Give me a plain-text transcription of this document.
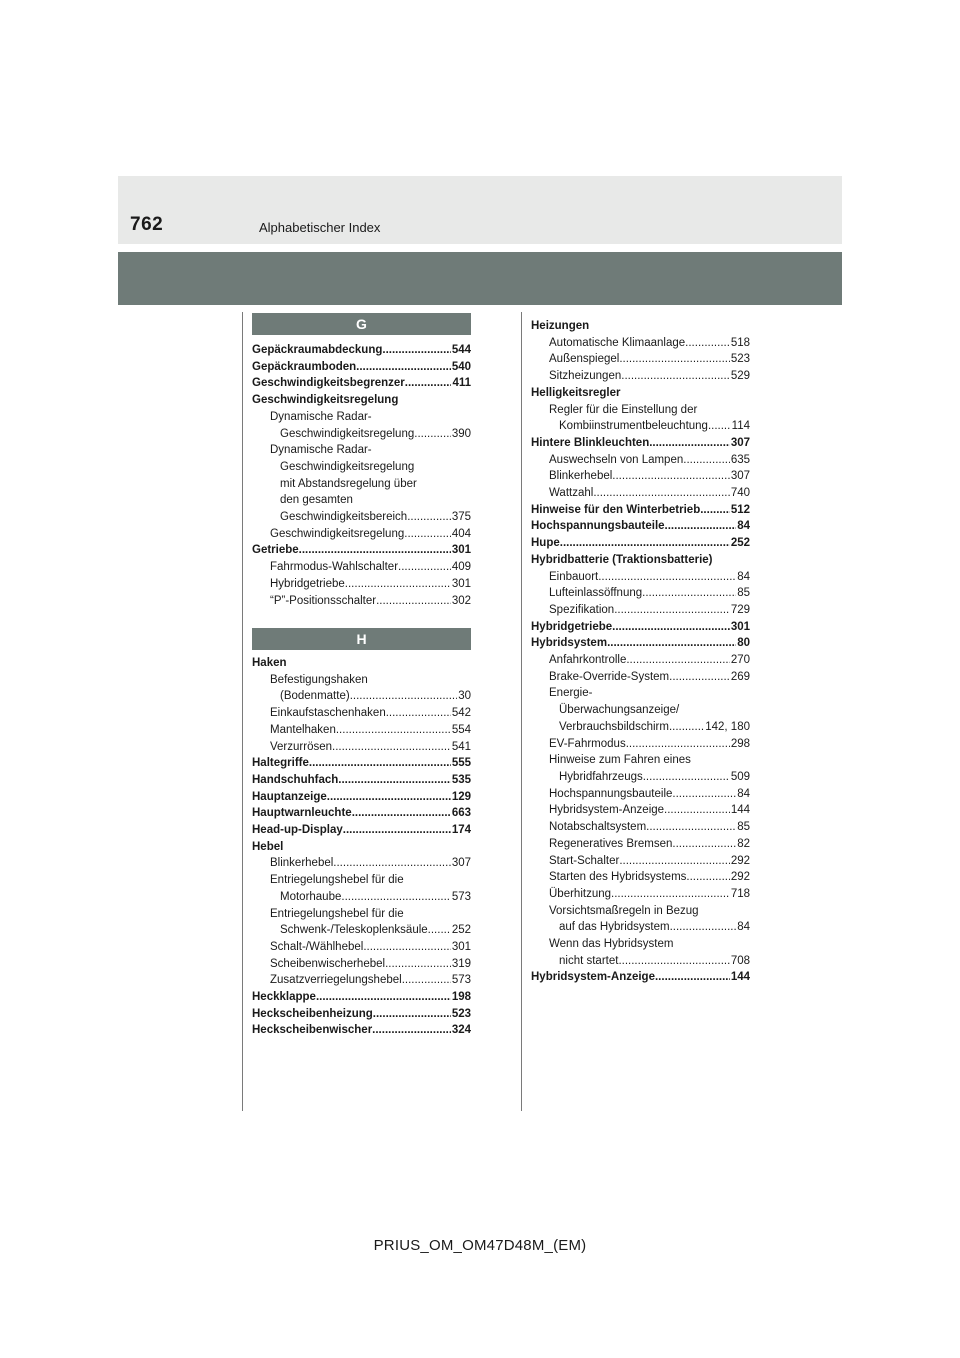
762	Alphabetischer Index
G
Gepäckraumabdeckung .....	544
Gepäckraumboden .....	540
Geschwindigkeitsbegrenzer .....	411
Geschwindigkeitsregelung
Dynamische Radar-
Geschwindigkeitsregelung .....	390
Dynamische Radar-
Geschwindigkeitsregelung
mit Abstandsregelung über
den gesamten
Geschwindigkeitsbereich .....	375
Geschwindigkeitsregelung .....	404
Getriebe .....	301
Fahrmodus-Wahlschalter .....	409
Hybridgetriebe .....	301
“P”-Positionsschalter .....	302
H
Haken
Befestigungshaken
(Bodenmatte) .....	30
Einkaufstaschenhaken .....	542
Mantelhaken .....	554
Verzurrösen .....	541
Haltegriffe .....	555
Handschuhfach .....	535
Hauptanzeige .....	129
Hauptwarnleuchte .....	663
Head-up-Display .....	174
Hebel
Blinkerhebel .....	307
Entriegelungshebel für die
Motorhaube .....	573
Entriegelungshebel für die
Schwenk-/Teleskoplenksäule ..... 252
Schalt-/Wählhebel .....	301
Scheibenwischerhebel .....	319
Zusatzverriegelungshebel .....	573
Heckklappe .....	198
Heckscheibenheizung .....	523
Heckscheibenwischer .....	324
Heizungen
Automatische Klimaanlage .....	518
Außenspiegel .....	523
Sitzheizungen .....	529
Helligkeitsregler
Regler für die Einstellung der
Kombiinstrumentbeleuchtung ..... 114
Hintere Blinkleuchten .....	307
Auswechseln von Lampen .....	635
Blinkerhebel .....	307
Wattzahl .....	740
Hinweise für den Winterbetrieb .....	512
Hochspannungsbauteile .....	84
Hupe .....	252
Hybridbatterie (Traktionsbatterie)
Einbauort .....	84
Lufteinlassöffnung .....	85
Spezifikation .....	729
Hybridgetriebe .....	301
Hybridsystem .....	80
Anfahrkontrolle .....	270
Brake-Override-System .....	269
Energie-
Überwachungsanzeige/
Verbrauchsbildschirm .....	142, 180
EV-Fahrmodus .....	298
Hinweise zum Fahren eines
Hybridfahrzeugs .....	509
Hochspannungsbauteile .....	84
Hybridsystem-Anzeige .....	144
Notabschaltsystem .....	85
Regeneratives Bremsen .....	82
Start-Schalter .....	292
Starten des Hybridsystems .....	292
Überhitzung .....	718
Vorsichtsmaßregeln in Bezug
auf das Hybridsystem .....	84
Wenn das Hybridsystem
nicht startet .....	708
Hybridsystem-Anzeige .....	144
PRIUS_OM_OM47D48M_(EM)
